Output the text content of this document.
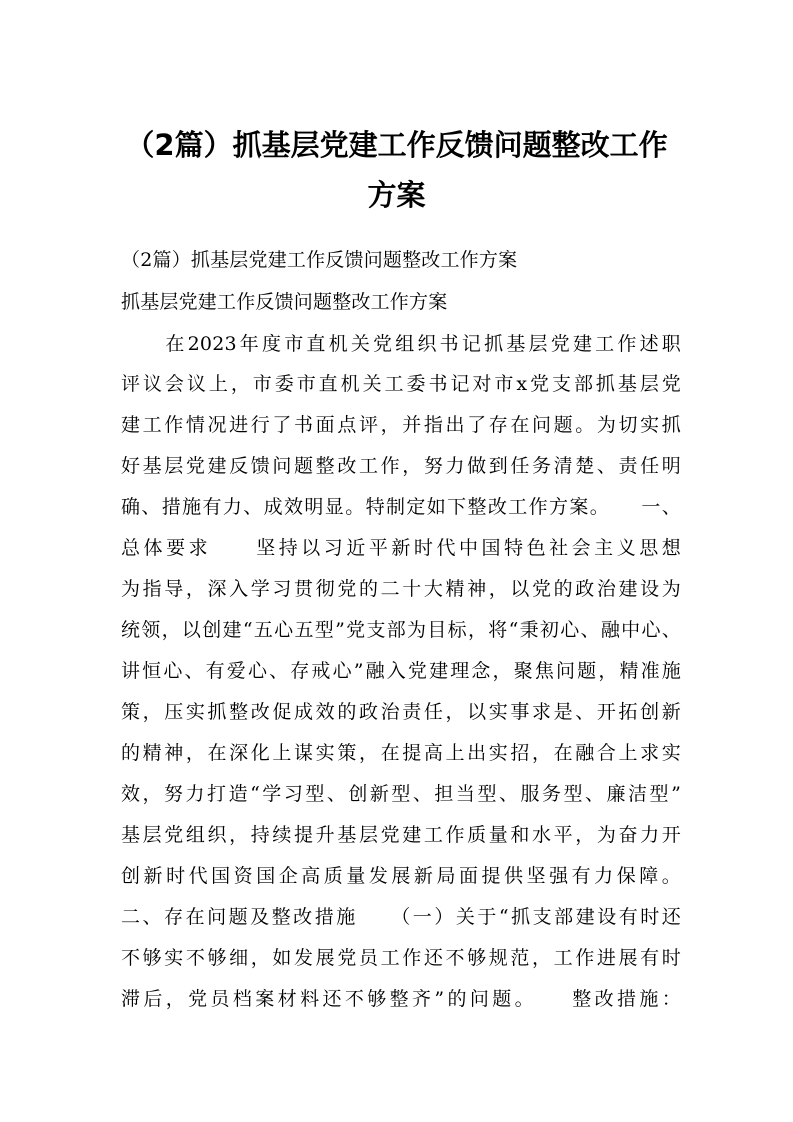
（2篇）抓基层党建工作反馈问题整改工作
方案
（2篇）抓基层党建工作反馈问题整改工作方案
抓基层党建工作反馈问题整改工作方案
　　在2023年度市直机关党组织书记抓基层党建工作述职
评议会议上，市委市直机关工委书记对市x党支部抓基层党
建工作情况进行了书面点评，并指出了存在问题。为切实抓
好基层党建反馈问题整改工作，努力做到任务清楚、责任明
确、措施有力、成效明显。特制定如下整改工作方案。　　一、
总体要求　　坚持以习近平新时代中国特色社会主义思想
为指导，深入学习贯彻党的二十大精神，以党的政治建设为
统领，以创建“五心五型”党支部为目标，将“秉初心、融中心、
讲恒心、有爱心、存戒心”融入党建理念，聚焦问题，精准施
策，压实抓整改促成效的政治责任，以实事求是、开拓创新
的精神，在深化上谋实策，在提高上出实招，在融合上求实
效，努力打造“学习型、创新型、担当型、服务型、廉洁型”
基层党组织，持续提升基层党建工作质量和水平，为奋力开
创新时代国资国企高质量发展新局面提供坚强有力保障。
二、存在问题及整改措施　　（一）关于“抓支部建设有时还
不够实不够细，如发展党员工作还不够规范，工作进展有时
滞后，党员档案材料还不够整齐”的问题。　　整改措施：
